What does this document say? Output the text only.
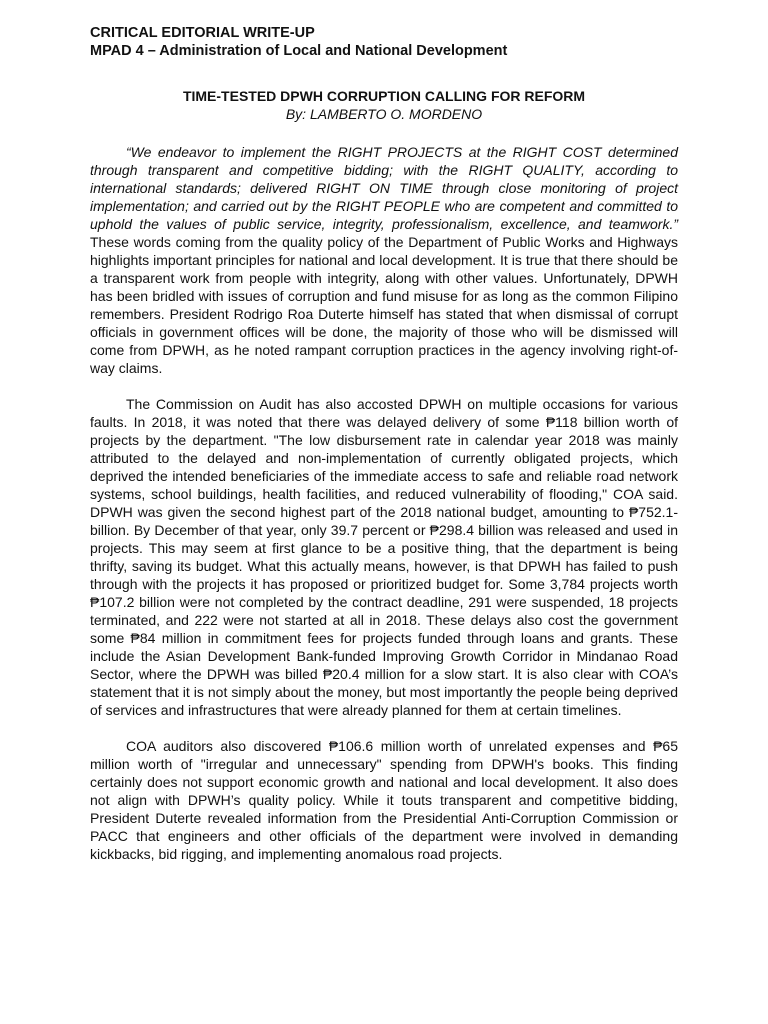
CRITICAL EDITORIAL WRITE-UP

MPAD 4 – Administration of Local and National Development

TIME-TESTED DPWH CORRUPTION CALLING FOR REFORM

By: LAMBERTO O. MORDENO

“We endeavor to implement the RIGHT PROJECTS at the RIGHT COST determined through transparent and competitive bidding; with the RIGHT QUALITY, according to international standards; delivered RIGHT ON TIME through close monitoring of project implementation; and carried out by the RIGHT PEOPLE who are competent and committed to uphold the values of public service, integrity, professionalism, excellence, and teamwork.” These words coming from the quality policy of the Department of Public Works and Highways highlights important principles for national and local development. It is true that there should be a transparent work from people with integrity, along with other values. Unfortunately, DPWH has been bridled with issues of corruption and fund misuse for as long as the common Filipino remembers. President Rodrigo Roa Duterte himself has stated that when dismissal of corrupt officials in government offices will be done, the majority of those who will be dismissed will come from DPWH, as he noted rampant corruption practices in the agency involving right-of-way claims.

The Commission on Audit has also accosted DPWH on multiple occasions for various faults. In 2018, it was noted that there was delayed delivery of some ₱118 billion worth of projects by the department. "The low disbursement rate in calendar year 2018 was mainly attributed to the delayed and non-implementation of currently obligated projects, which deprived the intended beneficiaries of the immediate access to safe and reliable road network systems, school buildings, health facilities, and reduced vulnerability of flooding," COA said. DPWH was given the second highest part of the 2018 national budget, amounting to ₱752.1-billion. By December of that year, only 39.7 percent or ₱298.4 billion was released and used in projects. This may seem at first glance to be a positive thing, that the department is being thrifty, saving its budget. What this actually means, however, is that DPWH has failed to push through with the projects it has proposed or prioritized budget for. Some 3,784 projects worth ₱107.2 billion were not completed by the contract deadline, 291 were suspended, 18 projects terminated, and 222 were not started at all in 2018. These delays also cost the government some ₱84 million in commitment fees for projects funded through loans and grants. These include the Asian Development Bank-funded Improving Growth Corridor in Mindanao Road Sector, where the DPWH was billed ₱20.4 million for a slow start. It is also clear with COA’s statement that it is not simply about the money, but most importantly the people being deprived of services and infrastructures that were already planned for them at certain timelines.

COA auditors also discovered ₱106.6 million worth of unrelated expenses and ₱65 million worth of "irregular and unnecessary" spending from DPWH's books. This finding certainly does not support economic growth and national and local development. It also does not align with DPWH’s quality policy. While it touts transparent and competitive bidding, President Duterte revealed information from the Presidential Anti-Corruption Commission or PACC that engineers and other officials of the department were involved in demanding kickbacks, bid rigging, and implementing anomalous road projects.
